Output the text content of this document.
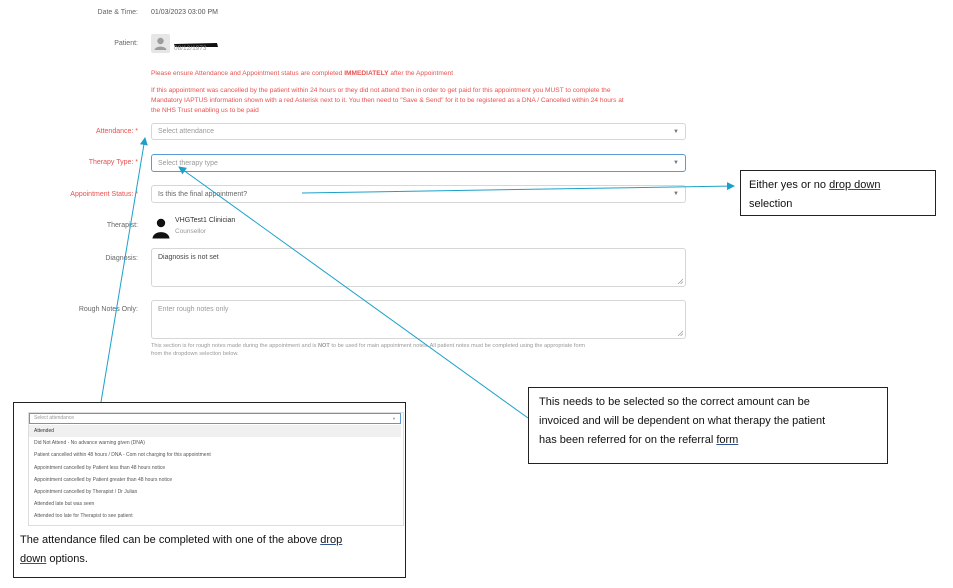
Date & Time: 01/03/2023 03:00 PM
Patient:
08/12/1973
Please ensure Attendance and Appointment status are completed IMMEDIATELY after the Appointment
If this appointment was cancelled by the patient within 24 hours or they did not attend then in order to get paid for this appointment you MUST to complete the
Mandatory IAPTUS information shown with a red Asterisk next to it. You then need to "Save & Send" for it to be registered as a DNA / Cancelled within 24 hours at
the NHS Trust enabling us to be paid
Attendance: *	Select attendance	▼
Therapy Type: *	Select therapy type	▼
Appointment Status: *	Is this the final appointment?	▼
Therapist:
VHGTest1 Clinician
Counsellor
Diagnosis:	Diagnosis is not set
Rough Notes Only:	Enter rough notes only
This section is for rough notes made during the appointment and is NOT to be used for main appointment notes. All patient notes must be completed using the appropriate form
from the dropdown selection below.
Either yes or no drop down
selection
This needs to be selected so the correct amount can be
invoiced and will be dependent on what therapy the patient
has been referred for on the referral form
Select attendance	▼
Attended
Did Not Attend - No advance warning given (DNA)
Patient cancelled within 48 hours / DNA - Com not charging for this appointment
Appointment cancelled by Patient less than 48 hours notice
Appointment cancelled by Patient greater than 48 hours notice
Appointment cancelled by Therapist / Dr Julian
Attended late but was seen
Attended too late for Therapist to see patient
The attendance filed can be completed with one of the above drop
down options.
